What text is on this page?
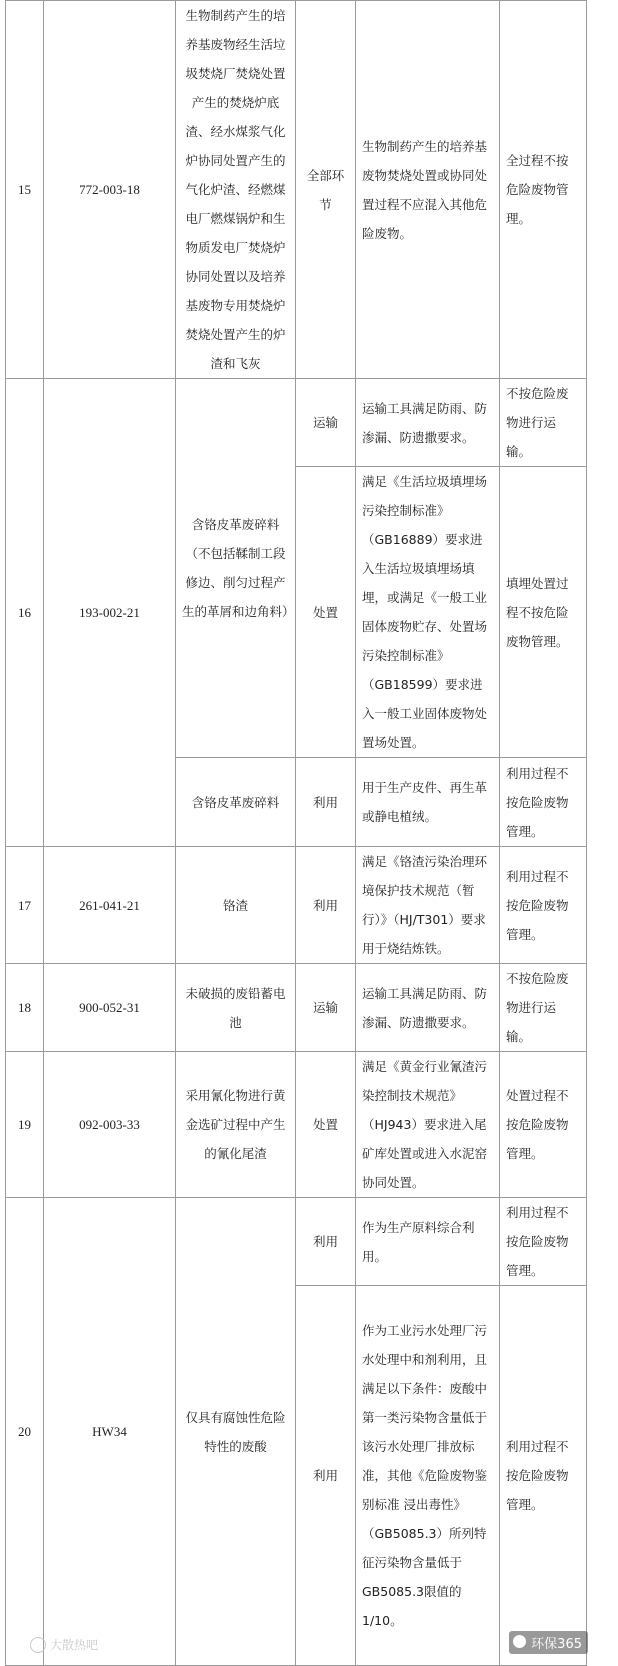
15	772-003-18	生物制药产生的培养基废物经生活垃圾焚烧厂焚烧处置产生的焚烧炉底渣、经水煤浆气化炉协同处置产生的气化炉渣、经燃煤电厂燃煤锅炉和生物质发电厂焚烧炉协同处置以及培养基废物专用焚烧炉焚烧处置产生的炉渣和飞灰	全部环节	生物制药产生的培养基废物焚烧处置或协同处置过程不应混入其他危险废物。	全过程不按危险废物管理。
16	193-002-21	含铬皮革废碎料（不包括鞣制工段修边、削匀过程产生的革屑和边角料）	运输	运输工具满足防雨、防渗漏、防遗撒要求。	不按危险废物进行运输。
			处置	满足《生活垃圾填埋场污染控制标准》（GB16889）要求进入生活垃圾填埋场填埋，或满足《一般工业固体废物贮存、处置场污染控制标准》（GB18599）要求进入一般工业固体废物处置场处置。	填埋处置过程不按危险废物管理。
		含铬皮革废碎料	利用	用于生产皮件、再生革或静电植绒。	利用过程不按危险废物管理。
17	261-041-21	铬渣	利用	满足《铬渣污染治理环境保护技术规范（暂行）》（HJ/T301）要求用于烧结炼铁。	利用过程不按危险废物管理。
18	900-052-31	未破损的废铅蓄电池	运输	运输工具满足防雨、防渗漏、防遗撒要求。	不按危险废物进行运输。
19	092-003-33	采用氰化物进行黄金选矿过程中产生的氰化尾渣	处置	满足《黄金行业氰渣污染控制技术规范》（HJ943）要求进入尾矿库处置或进入水泥窑协同处置。	处置过程不按危险废物管理。
20	HW34	仅具有腐蚀性危险特性的废酸	利用	作为生产原料综合利用。	利用过程不按危险废物管理。
			利用	作为工业污水处理厂污水处理中和剂利用，且满足以下条件：废酸中第一类污染物含量低于该污水处理厂排放标准，其他《危险废物鉴别标准 浸出毒性》（GB5085.3）所列特征污染物含量低于GB5085.3限值的1/10。	利用过程不按危险废物管理。
大散热吧	环保365
